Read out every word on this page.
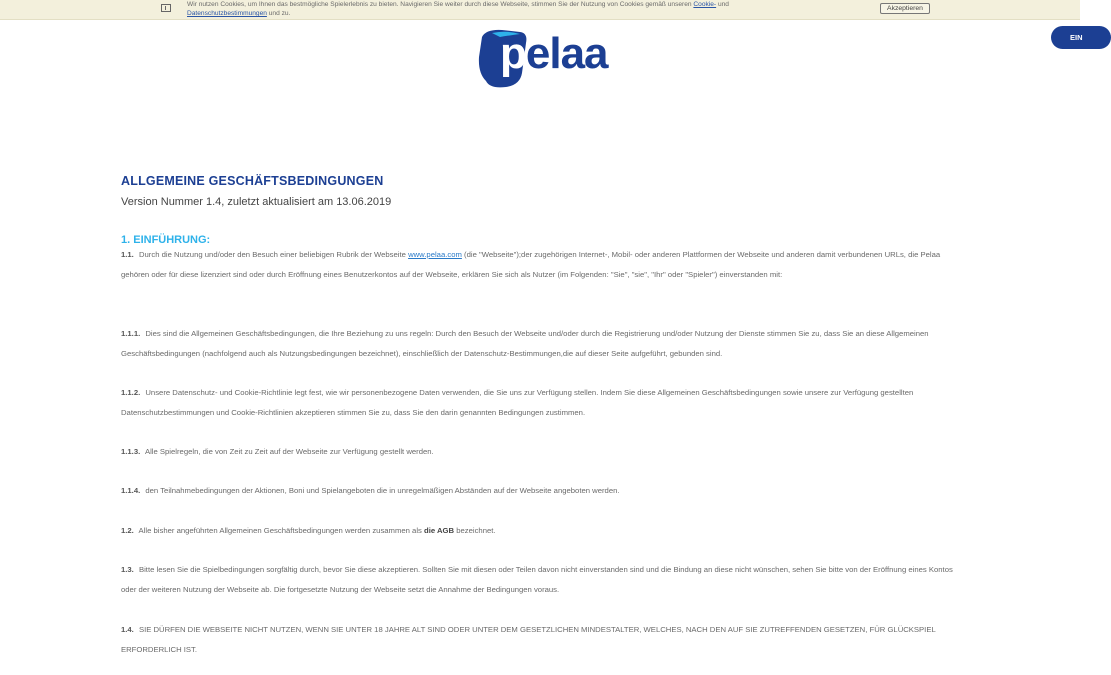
Wir nutzen Cookies, um Ihnen das bestmögliche Spielerlebnis zu bieten. Navigieren Sie weiter durch diese Webseite, stimmen Sie der Nutzung von Cookies gemäß unseren Cookie- und
Datenschutzbestimmungen und zu.
Akzeptieren
EIN
pelaa
ALLGEMEINE GESCHÄFTSBEDINGUNGEN
Version Nummer 1.4, zuletzt aktualisiert am 13.06.2019
1. EINFÜHRUNG:
1.1. Durch die Nutzung und/oder den Besuch einer beliebigen Rubrik der Webseite www.pelaa.com (die "Webseite");der zugehörigen Internet-, Mobil- oder anderen Plattformen der Webseite und anderen damit verbundenen URLs, die Pelaa gehören oder für diese lizenziert sind oder durch Eröffnung eines Benutzerkontos auf der Webseite, erklären Sie sich als Nutzer (im Folgenden: "Sie", "sie", "Ihr" oder "Spieler") einverstanden mit:
1.1.1. Dies sind die Allgemeinen Geschäftsbedingungen, die Ihre Beziehung zu uns regeln: Durch den Besuch der Webseite und/oder durch die Registrierung und/oder Nutzung der Dienste stimmen Sie zu, dass Sie an diese Allgemeinen Geschäftsbedingungen (nachfolgend auch als Nutzungsbedingungen bezeichnet), einschließlich der Datenschutz-Bestimmungen,die auf dieser Seite aufgeführt, gebunden sind.
1.1.2. Unsere Datenschutz- und Cookie-Richtlinie legt fest, wie wir personenbezogene Daten verwenden, die Sie uns zur Verfügung stellen. Indem Sie diese Allgemeinen Geschäftsbedingungen sowie unsere zur Verfügung gestellten Datenschutzbestimmungen und Cookie-Richtlinien akzeptieren stimmen Sie zu, dass Sie den darin genannten Bedingungen zustimmen.
1.1.3. Alle Spielregeln, die von Zeit zu Zeit auf der Webseite zur Verfügung gestellt werden.
1.1.4. den Teilnahmebedingungen der Aktionen, Boni und Spielangeboten die in unregelmäßigen Abständen auf der Webseite angeboten werden.
1.2. Alle bisher angeführten Allgemeinen Geschäftsbedingungen werden zusammen als die AGB bezeichnet.
1.3. Bitte lesen Sie die Spielbedingungen sorgfältig durch, bevor Sie diese akzeptieren. Sollten Sie mit diesen oder Teilen davon nicht einverstanden sind und die Bindung an diese nicht wünschen, sehen Sie bitte von der Eröffnung eines Kontos oder der weiteren Nutzung der Webseite ab. Die fortgesetzte Nutzung der Webseite setzt die Annahme der Bedingungen voraus.
1.4. SIE DÜRFEN DIE WEBSEITE NICHT NUTZEN, WENN SIE UNTER 18 JAHRE ALT SIND ODER UNTER DEM GESETZLICHEN MINDESTALTER, WELCHES, NACH DEN AUF SIE ZUTREFFENDEN GESETZEN, FÜR GLÜCKSPIEL ERFORDERLICH IST.
